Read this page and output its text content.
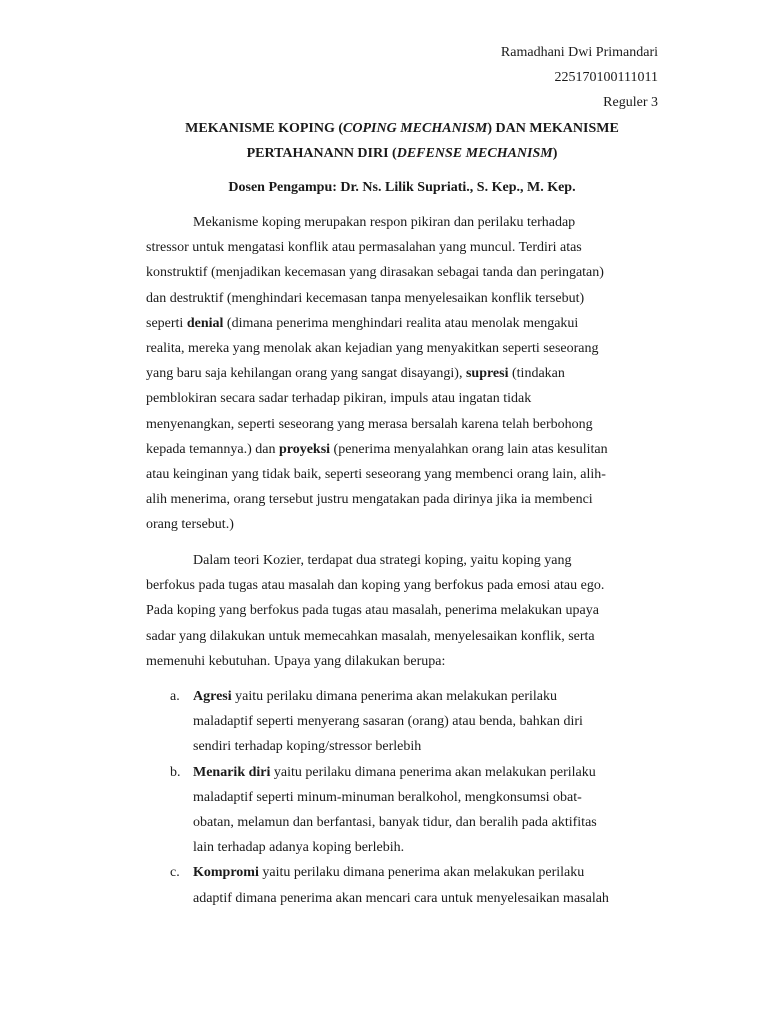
Ramadhani Dwi Primandari
225170100111011
Reguler 3
MEKANISME KOPING (COPING MECHANISM) DAN MEKANISME
PERTAHANANN DIRI (DEFENSE MECHANISM)
Dosen Pengampu: Dr. Ns. Lilik Supriati., S. Kep., M. Kep.
Mekanisme koping merupakan respon pikiran dan perilaku terhadap
stressor untuk mengatasi konflik atau permasalahan yang muncul. Terdiri atas
konstruktif (menjadikan kecemasan yang dirasakan sebagai tanda dan peringatan)
dan destruktif (menghindari kecemasan tanpa menyelesaikan konflik tersebut)
seperti denial (dimana penerima menghindari realita atau menolak mengakui
realita, mereka yang menolak akan kejadian yang menyakitkan seperti seseorang
yang baru saja kehilangan orang yang sangat disayangi), supresi (tindakan
pemblokiran secara sadar terhadap pikiran, impuls atau ingatan tidak
menyenangkan, seperti seseorang yang merasa bersalah karena telah berbohong
kepada temannya.) dan proyeksi (penerima menyalahkan orang lain atas kesulitan
atau keinginan yang tidak baik, seperti seseorang yang membenci orang lain, alih-
alih menerima, orang tersebut justru mengatakan pada dirinya jika ia membenci
orang tersebut.)
Dalam teori Kozier, terdapat dua strategi koping, yaitu koping yang
berfokus pada tugas atau masalah dan koping yang berfokus pada emosi atau ego.
Pada koping yang berfokus pada tugas atau masalah, penerima melakukan upaya
sadar yang dilakukan untuk memecahkan masalah, menyelesaikan konflik, serta
memenuhi kebutuhan. Upaya yang dilakukan berupa:
a. Agresi yaitu perilaku dimana penerima akan melakukan perilaku
maladaptif seperti menyerang sasaran (orang) atau benda, bahkan diri
sendiri terhadap koping/stressor berlebih
b. Menarik diri yaitu perilaku dimana penerima akan melakukan perilaku
maladaptif seperti minum-minuman beralkohol, mengkonsumsi obat-
obatan, melamun dan berfantasi, banyak tidur, dan beralih pada aktifitas
lain terhadap adanya koping berlebih.
c. Kompromi yaitu perilaku dimana penerima akan melakukan perilaku
adaptif dimana penerima akan mencari cara untuk menyelesaikan masalah
